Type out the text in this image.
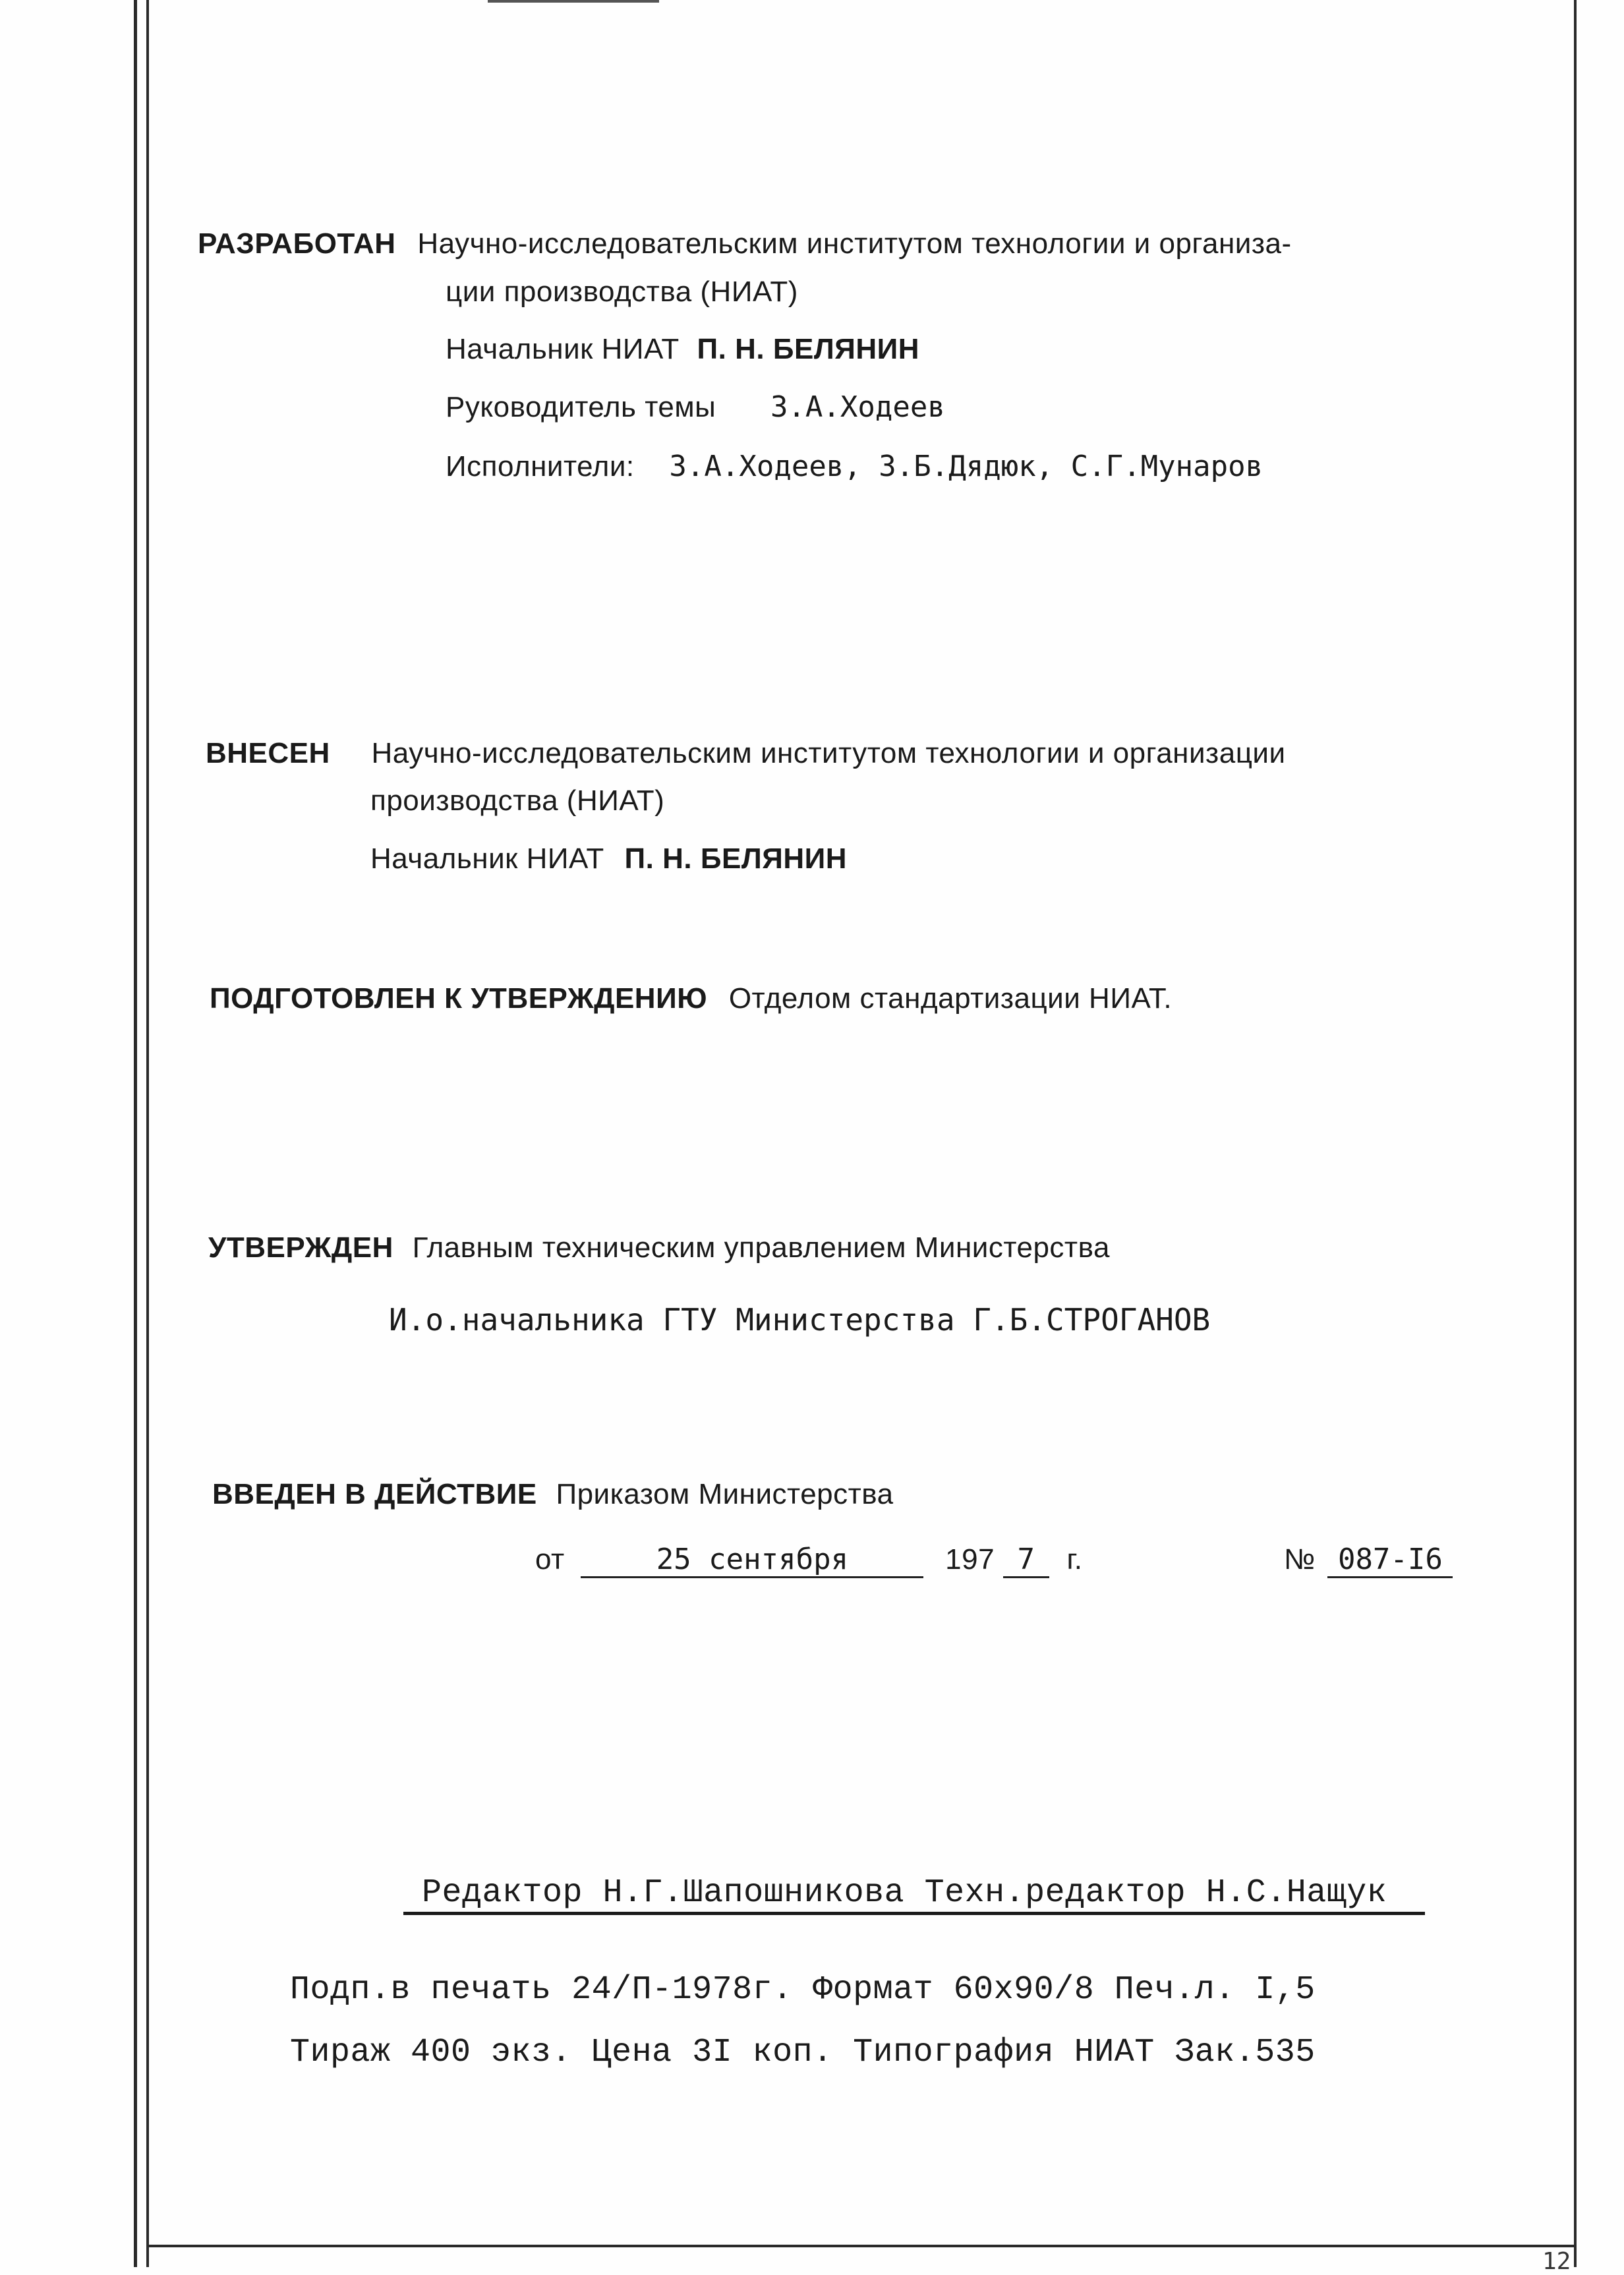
РАЗРАБОТАН Научно-исследовательским институтом технологии и организа-
ции производства (НИАТ)
Начальник НИАТ П. Н. БЕЛЯНИН
Руководитель темы З.А.Ходеев
Исполнители: З.А.Ходеев, З.Б.Дядюк, С.Г.Мунаров
ВНЕСЕН Научно-исследовательским институтом технологии и организации
производства (НИАТ)
Начальник НИАТ П. Н. БЕЛЯНИН
ПОДГОТОВЛЕН К УТВЕРЖДЕНИЮ Отделом стандартизации НИАТ.
УТВЕРЖДЕН Главным техническим управлением Министерства
И.о.начальника ГТУ Министерства Г.Б.СТРОГАНОВ
ВВЕДЕН В ДЕЙСТВИЕ Приказом Министерства
от	25 сентября	197 7 г.	№ 087-I6
Редактор Н.Г.Шапошникова Техн.редактор Н.С.Нащук
Подп.в печать 24/П-1978г. Формат 60х90/8 Печ.л. I,5
Тираж 400 экз. Цена 3I коп. Типография НИАТ Зак.535
12
